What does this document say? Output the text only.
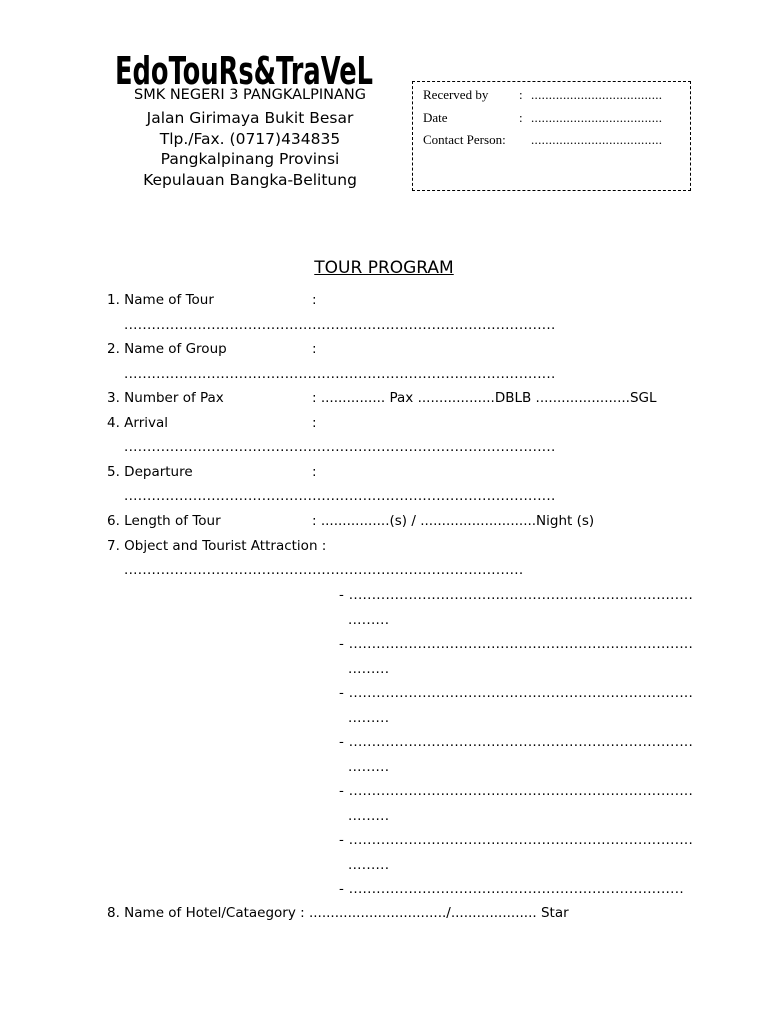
EdoTouRs&TraVeL
SMK NEGERI 3 PANGKALPINANG
Jalan Girimaya Bukit Besar
Tlp./Fax. (0717)434835
Pangkalpinang Provinsi
Kepulauan Bangka-Belitung
Recerved by : .....................................
Date	: .....................................
Contact Person: .....................................
TOUR PROGRAM
1. Name of Tour	:
..............................................................................................
2. Name of Group	:
..............................................................................................
3. Number of Pax	: ............... Pax ..................DBLB ......................SGL
4. Arrival	:
..............................................................................................
5. Departure	:
..............................................................................................
6. Length of Tour	: ................(s) / ...........................Night (s)
7. Object and Tourist Attraction :
.......................................................................................
- ...........................................................................
.........
- ...........................................................................
.........
- ...........................................................................
.........
- ...........................................................................
.........
- ...........................................................................
.........
- ...........................................................................
.........
- .........................................................................
8. Name of Hotel/Cataegory : ................................/.................... Star
